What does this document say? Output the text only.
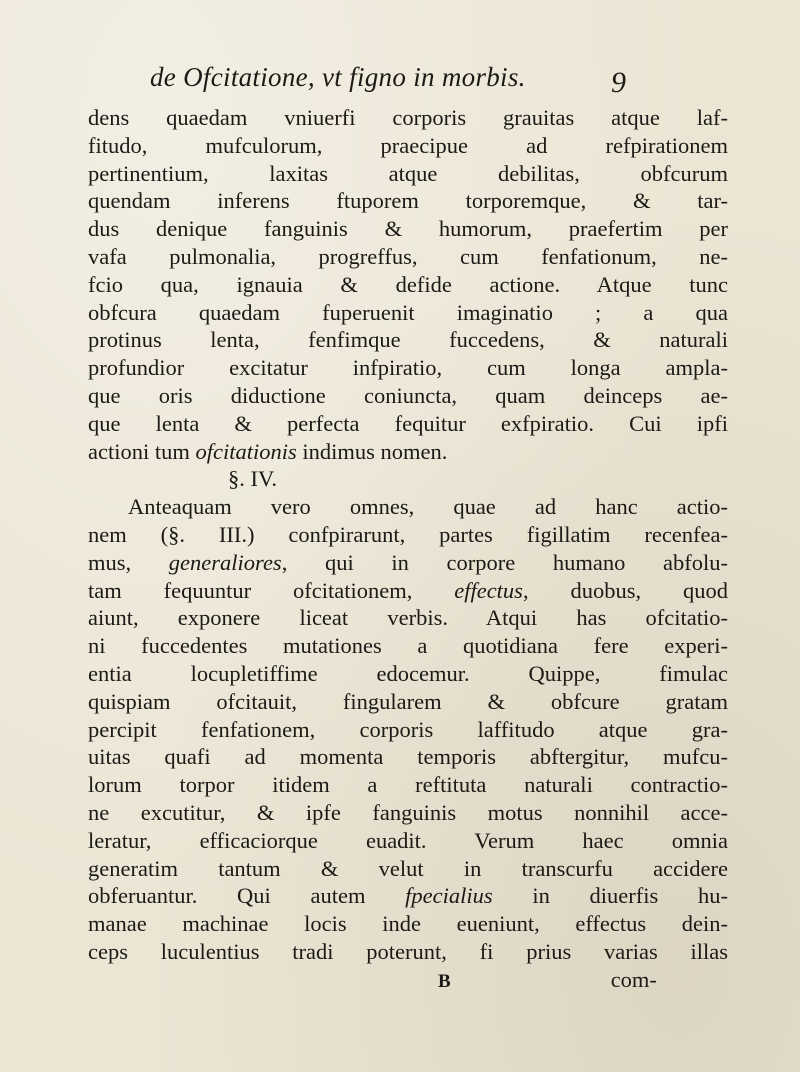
de Ofcitatione, vt figno in morbis.	9
dens quaedam vniuerfi corporis grauitas atque laf-
fitudo, mufculorum, praecipue ad refpirationem
pertinentium, laxitas atque debilitas, obfcurum
quendam inferens ftuporem torporemque, & tar-
dus denique fanguinis & humorum, praefertim per
vafa pulmonalia, progreffus, cum fenfationum, ne-
fcio qua, ignauia & defide actione. Atque tunc
obfcura quaedam fuperuenit imaginatio ; a qua
protinus lenta, fenfimque fuccedens, & naturali
profundior excitatur infpiratio, cum longa ampla-
que oris diductione coniuncta, quam deinceps ae-
que lenta & perfecta fequitur exfpiratio. Cui ipfi
actioni tum ofcitationis indimus nomen.
§. IV.
Anteaquam vero omnes, quae ad hanc actio-
nem (§. III.) confpirarunt, partes figillatim recenfea-
mus, generaliores, qui in corpore humano abfolu-
tam fequuntur ofcitationem, effectus, duobus, quod
aiunt, exponere liceat verbis. Atqui has ofcitatio-
ni fuccedentes mutationes a quotidiana fere experi-
entia locupletiffime edocemur. Quippe, fimulac
quispiam ofcitauit, fingularem & obfcure gratam
percipit fenfationem, corporis laffitudo atque gra-
uitas quafi ad momenta temporis abftergitur, mufcu-
lorum torpor itidem a reftituta naturali contractio-
ne excutitur, & ipfe fanguinis motus nonnihil acce-
leratur, efficaciorque euadit. Verum haec omnia
generatim tantum & velut in transcurfu accidere
obferuantur. Qui autem fpecialius in diuerfis hu-
manae machinae locis inde eueniunt, effectus dein-
ceps luculentius tradi poterunt, fi prius varias illas
B	com-
